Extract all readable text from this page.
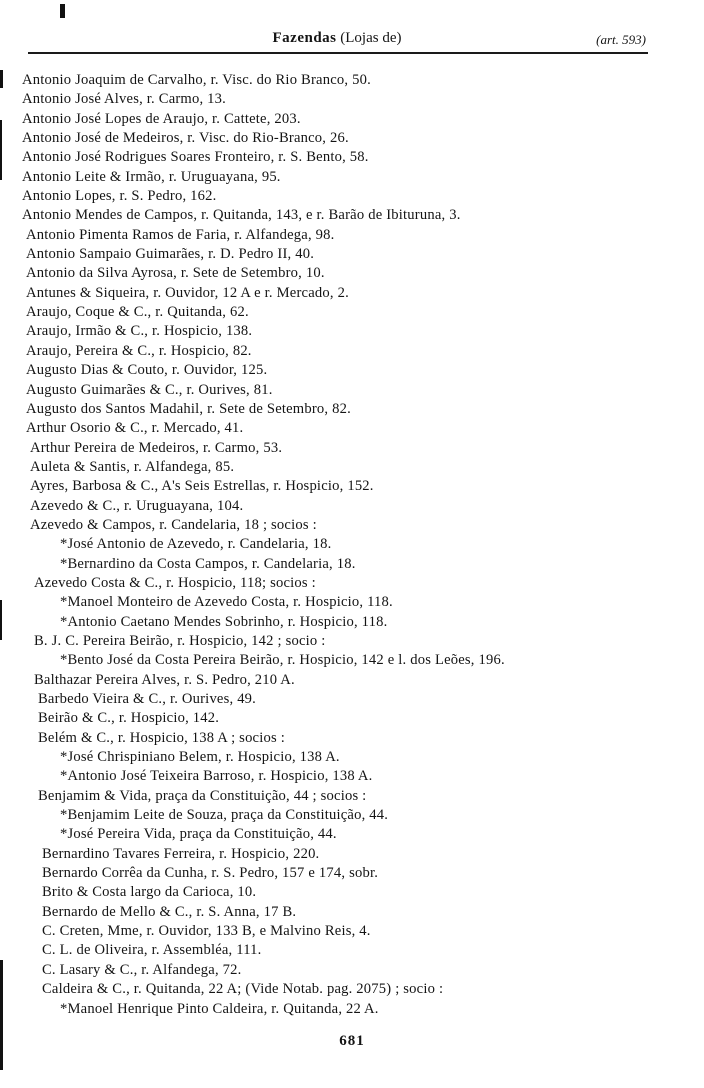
Fazendas (Lojas de)	(art. 593)
Antonio Joaquim de Carvalho, r. Visc. do Rio Branco, 50.
Antonio José Alves, r. Carmo, 13.
Antonio José Lopes de Araujo, r. Cattete, 203.
Antonio José de Medeiros, r. Visc. do Rio-Branco, 26.
Antonio José Rodrigues Soares Fronteiro, r. S. Bento, 58.
Antonio Leite & Irmão, r. Uruguayana, 95.
Antonio Lopes, r. S. Pedro, 162.
Antonio Mendes de Campos, r. Quitanda, 143, e r. Barão de Ibituruna, 3.
Antonio Pimenta Ramos de Faria, r. Alfandega, 98.
Antonio Sampaio Guimarães, r. D. Pedro II, 40.
Antonio da Silva Ayrosa, r. Sete de Setembro, 10.
Antunes & Siqueira, r. Ouvidor, 12 A e r. Mercado, 2.
Araujo, Coque & C., r. Quitanda, 62.
Araujo, Irmão & C., r. Hospicio, 138.
Araujo, Pereira & C., r. Hospicio, 82.
Augusto Dias & Couto, r. Ouvidor, 125.
Augusto Guimarães & C., r. Ourives, 81.
Augusto dos Santos Madahil, r. Sete de Setembro, 82.
Arthur Osorio & C., r. Mercado, 41.
Arthur Pereira de Medeiros, r. Carmo, 53.
Auleta & Santis, r. Alfandega, 85.
Ayres, Barbosa & C., A's Seis Estrellas, r. Hospicio, 152.
Azevedo & C., r. Uruguayana, 104.
Azevedo & Campos, r. Candelaria, 18 ; socios :
*José Antonio de Azevedo, r. Candelaria, 18.
*Bernardino da Costa Campos, r. Candelaria, 18.
Azevedo Costa & C., r. Hospicio, 118; socios :
*Manoel Monteiro de Azevedo Costa, r. Hospicio, 118.
*Antonio Caetano Mendes Sobrinho, r. Hospicio, 118.
B. J. C. Pereira Beirão, r. Hospicio, 142 ; socio :
*Bento José da Costa Pereira Beirão, r. Hospicio, 142 e l. dos Leões, 196.
Balthazar Pereira Alves, r. S. Pedro, 210 A.
Barbedo Vieira & C., r. Ourives, 49.
Beirão & C., r. Hospicio, 142.
Belém & C., r. Hospicio, 138 A ; socios :
*José Chrispiniano Belem, r. Hospicio, 138 A.
*Antonio José Teixeira Barroso, r. Hospicio, 138 A.
Benjamim & Vida, praça da Constituição, 44 ; socios :
*Benjamim Leite de Souza, praça da Constituição, 44.
*José Pereira Vida, praça da Constituição, 44.
Bernardino Tavares Ferreira, r. Hospicio, 220.
Bernardo Corrêa da Cunha, r. S. Pedro, 157 e 174, sobr.
Brito & Costa largo da Carioca, 10.
Bernardo de Mello & C., r. S. Anna, 17 B.
C. Creten, Mme, r. Ouvidor, 133 B, e Malvino Reis, 4.
C. L. de Oliveira, r. Assembléa, 111.
C. Lasary & C., r. Alfandega, 72.
Caldeira & C., r. Quitanda, 22 A; (Vide Notab. pag. 2075) ; socio :
*Manoel Henrique Pinto Caldeira, r. Quitanda, 22 A.
681
